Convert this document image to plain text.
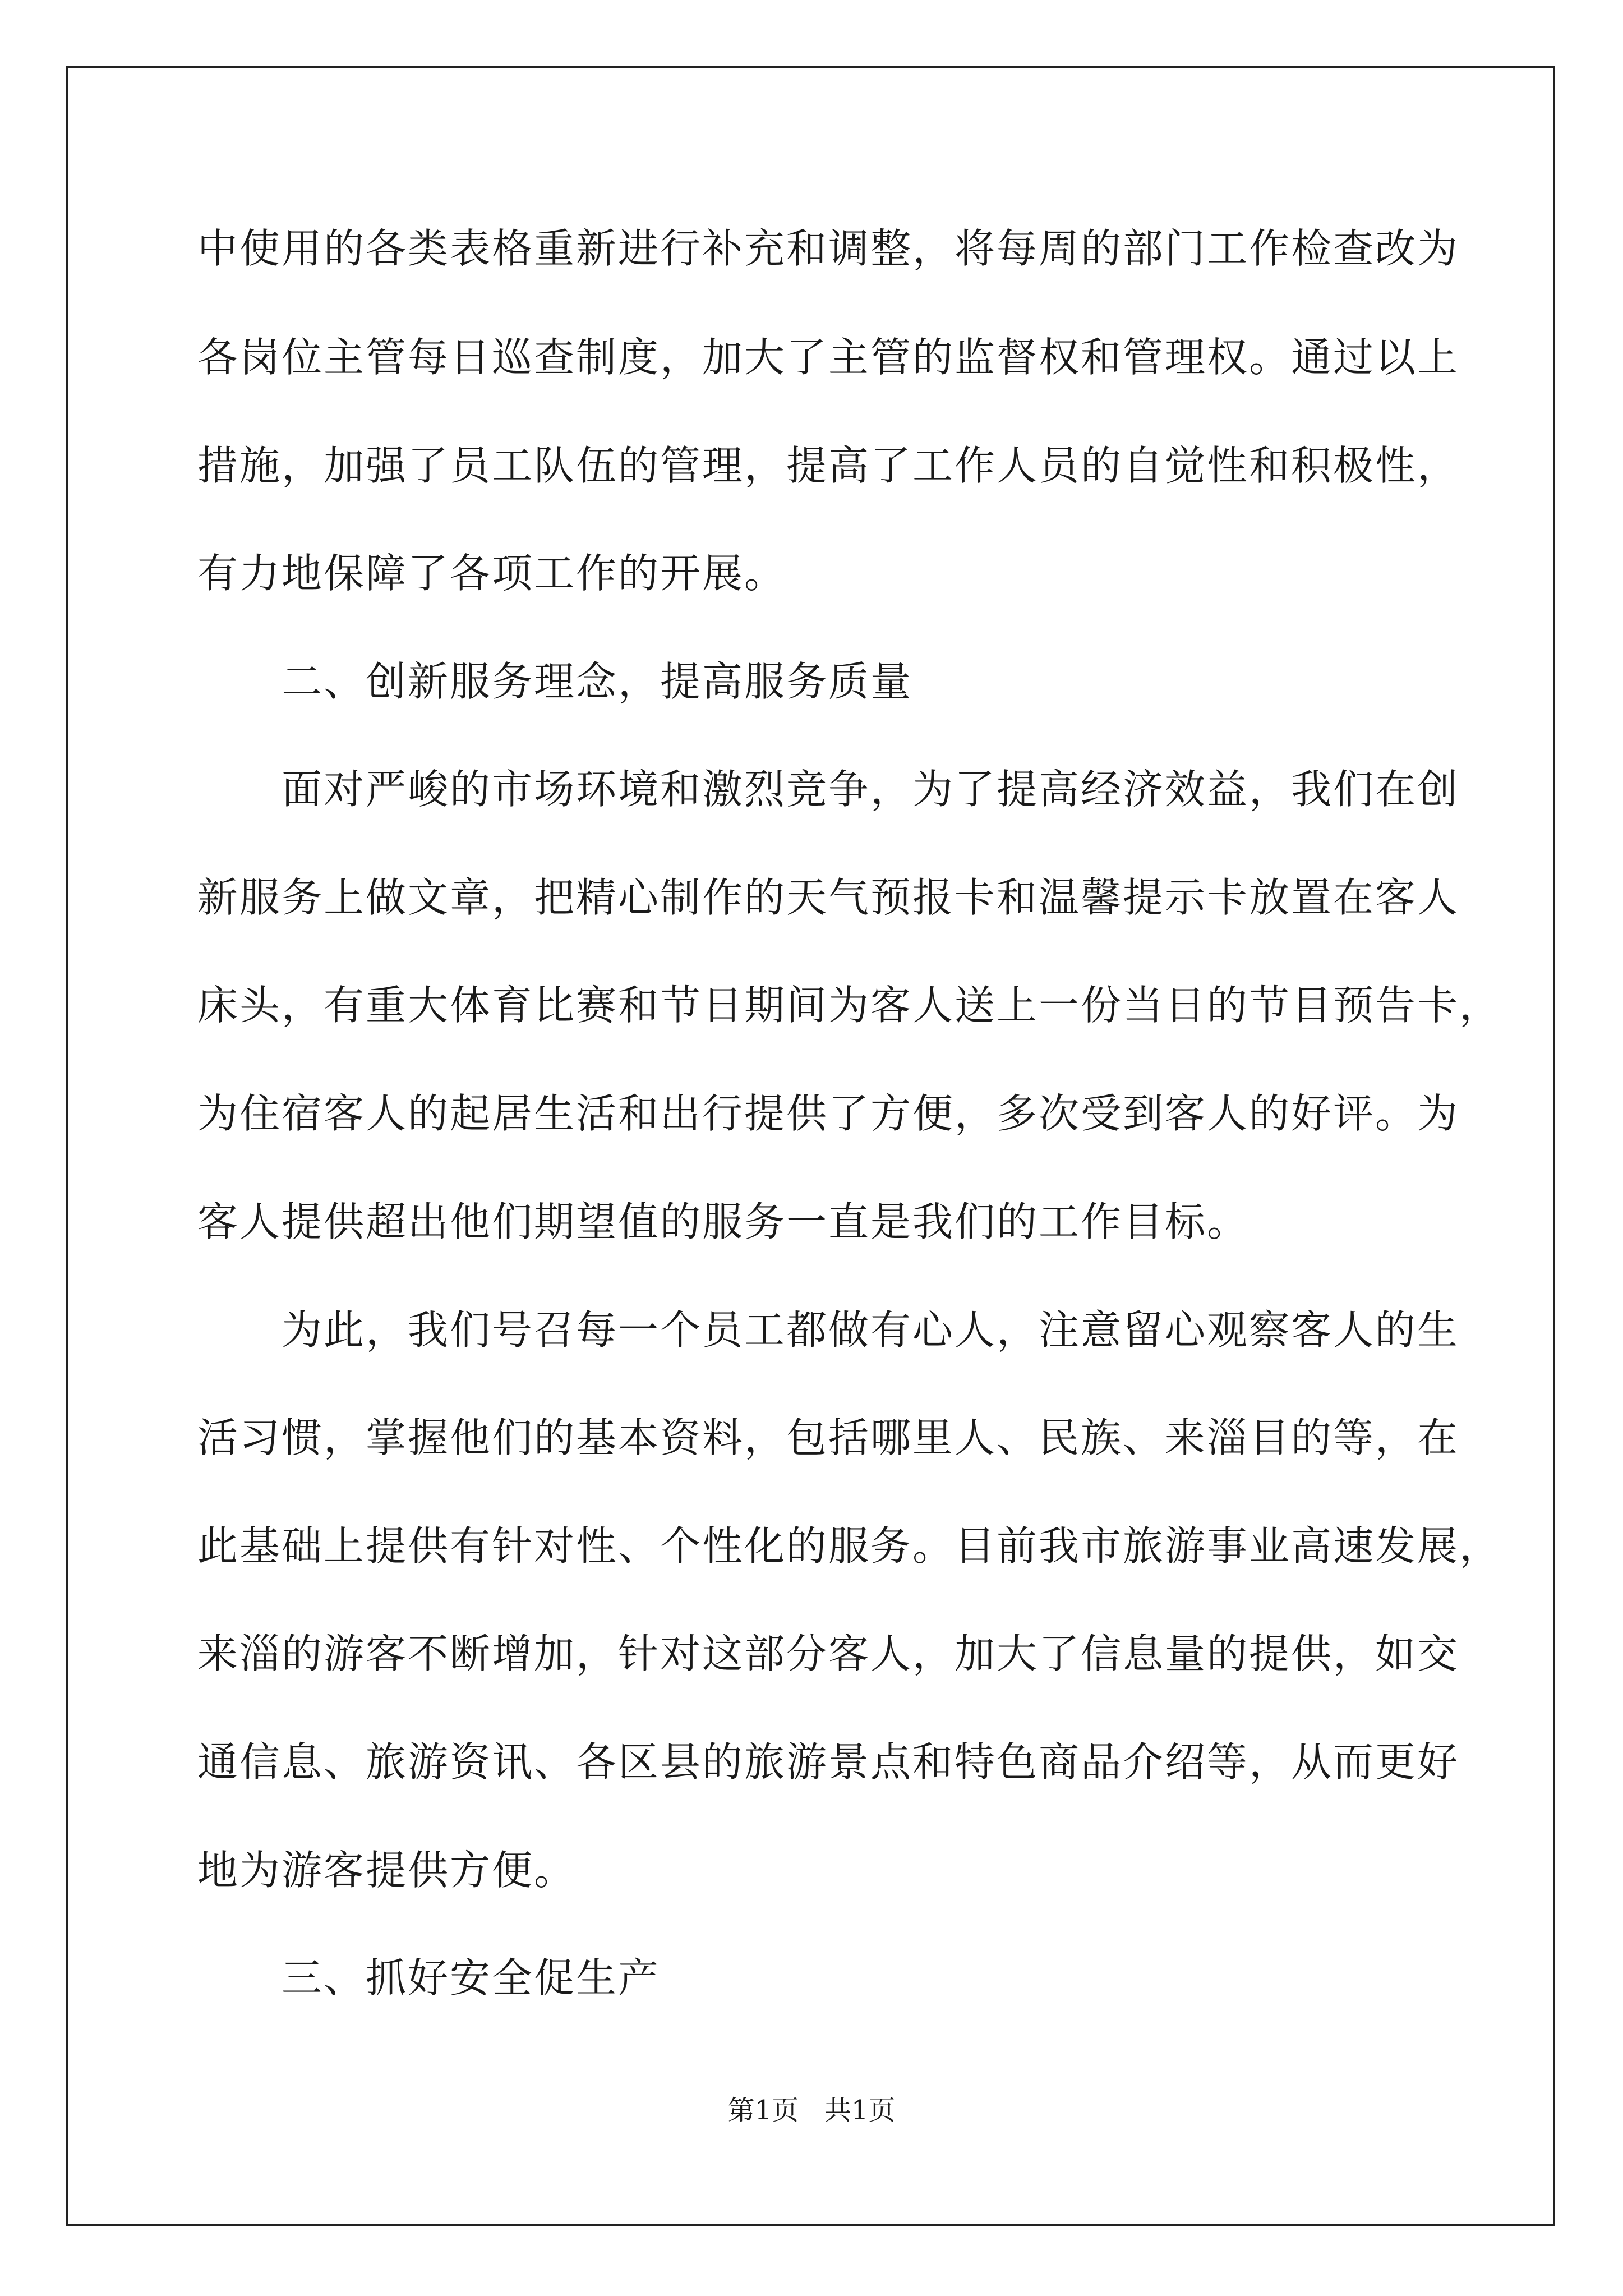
中使用的各类表格重新进行补充和调整，将每周的部门工作检查改为
各岗位主管每日巡查制度，加大了主管的监督权和管理权。通过以上
措施，加强了员工队伍的管理，提高了工作人员的自觉性和积极性，
有力地保障了各项工作的开展。
二、创新服务理念，提高服务质量
面对严峻的市场环境和激烈竞争，为了提高经济效益，我们在创
新服务上做文章，把精心制作的天气预报卡和温馨提示卡放置在客人
床头，有重大体育比赛和节日期间为客人送上一份当日的节目预告卡，
为住宿客人的起居生活和出行提供了方便，多次受到客人的好评。为
客人提供超出他们期望值的服务一直是我们的工作目标。
为此，我们号召每一个员工都做有心人，注意留心观察客人的生
活习惯，掌握他们的基本资料，包括哪里人、民族、来淄目的等，在
此基础上提供有针对性、个性化的服务。目前我市旅游事业高速发展，
来淄的游客不断增加，针对这部分客人，加大了信息量的提供，如交
通信息、旅游资讯、各区县的旅游景点和特色商品介绍等，从而更好
地为游客提供方便。
三、抓好安全促生产
第1页   共1页
